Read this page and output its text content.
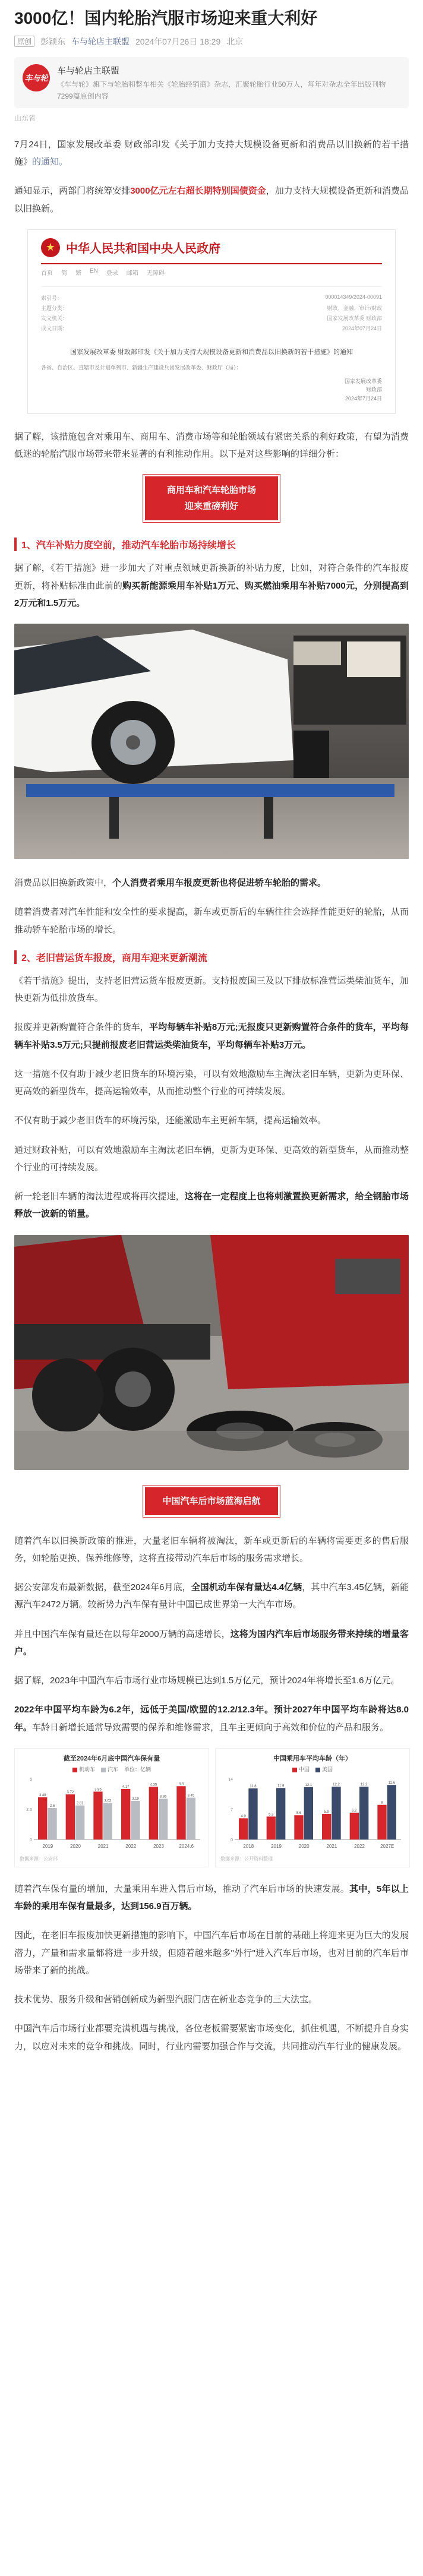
3000亿！国内轮胎汽服市场迎来重大利好
原创	彭颖东 车与轮店主联盟 2024年07月26日 18:29 北京
车与轮
车与轮店主联盟
《车与轮》旗下与轮胎和整车相关《轮胎经销商》杂志，汇聚轮胎行业50万人，每年对杂志全年出版刊物
7299篇原创内容
山东省

7月24日，国家发展改革委 财政部印发《关于加力支持大规模设备更新和消费品以旧换新的若干措施》的通知。

通知显示，两部门将统筹安排3000亿元左右超长期特别国债资金，加力支持大规模设备更新和消费品以旧换新。

★ 中华人民共和国中央人民政府
首页 简 繁 EN 登录 邮箱 无障碍
索引号：	000014349/2024-00091
主题分类：	财政、金融、审计/财政
发文机关：	国家发展改革委 财政部
成文日期：	2024年07月24日
国家发展改革委 财政部印发《关于加力支持大规模设备更新和消费品以旧换新的若干措施》的通知
各省、自治区、直辖市及计划单列市、新疆生产建设兵团发展改革委、财政厅（局）：
国家发展改革委
财政部
2024年7月24日

据了解，该措施包含对乘用车、商用车、消费市场等和轮胎领域有紧密关系的利好政策，有望为消费低迷的轮胎汽服市场带来带来显著的有利推动作用。以下是对这些影响的详细分析：

商用车和汽车轮胎市场
迎来重磅利好
1、汽车补贴力度空前，推动汽车轮胎市场持续增长

据了解，《若干措施》进一步加大了对重点领域更新换新的补贴力度，比如，对符合条件的汽车报废更新，将补贴标准由此前的购买新能源乘用车补贴1万元、购买燃油乘用车补贴7000元，分别提高到2万元和1.5万元。

消费品以旧换新政策中，个人消费者乘用车报废更新也将促进轿车轮胎的需求。

随着消费者对汽车性能和安全性的要求提高，新车或更新后的车辆往往会选择性能更好的轮胎，从而推动轿车轮胎市场的增长。

2、老旧营运货车报废，商用车迎来更新潮流

《若干措施》提出，支持老旧营运货车报废更新。支持报废国三及以下排放标准营运类柴油货车，加快更新为低排放货车。

报废并更新购置符合条件的货车，平均每辆车补贴8万元;无报废只更新购置符合条件的货车，平均每辆车补贴3.5万元;只提前报废老旧营运类柴油货车，平均每辆车补贴3万元。

这一措施不仅有助于减少老旧货车的环境污染，可以有效地激励车主淘汰老旧车辆，更新为更环保、更高效的新型货车，提高运输效率，从而推动整个行业的可持续发展。

不仅有助于减少老旧货车的环境污染，还能激励车主更新车辆，提高运输效率。

通过财政补贴，可以有效地激励车主淘汰老旧车辆，更新为更环保、更高效的新型货车，从而推动整个行业的可持续发展。

新一轮老旧车辆的淘汰进程或将再次提速，这将在一定程度上也将刺激置换更新需求，给全钢胎市场释放一波新的销量。

中国汽车后市场蓝海启航

随着汽车以旧换新政策的推进，大量老旧车辆将被淘汰，新车或更新后的车辆将需要更多的售后服务，如轮胎更换、保养维修等，这将直接带动汽车后市场的服务需求增长。

据公安部发布最新数据，截至2024年6月底，全国机动车保有量达4.4亿辆，其中汽车3.45亿辆，新能源汽车2472万辆。较新势力汽车保有量计中国已成世界第一大汽车市场。

并且中国汽车保有量还在以每年2000万辆的高速增长，这将为国内汽车后市场服务带来持续的增量客户。

据了解，2023年中国汽车后市场行业市场规模已达到1.5万亿元，预计2024年将增长至1.6万亿元。

2022年中国平均车龄为6.2年，远低于美国/欧盟的12.2/12.3年。预计2027年中国平均车龄将达8.0年。车龄日新增长通常导致需要的保养和维修需求，且车主更倾向于高效和价位的产品和服务。

截至2024年6月底中国汽车保有量
机动车	汽车 单位：亿辆
3.48
2.6
2019
3.72
2.81
2020
3.95
3.02
2021
4.17
3.19
2022
4.35
3.36
2023
4.4
3.45
2024.6
0
2.5
5
数据来源：公安部
中国乘用车平均车龄（年）
中国	美国
4.9
11.8
2018
5.3
11.9
2019
5.6
12.1
2020
5.9
12.2
2021
6.2
12.2
2022
8
12.6
2027E
0
7
14
数据来源：公开资料整理

随着汽车保有量的增加，大量乘用车进入售后市场，推动了汽车后市场的快速发展。其中，5年以上车龄的乘用车保有量最多，达到156.9百万辆。

因此，在老旧车报废加快更新措施的影响下，中国汽车后市场在目前的基础上将迎来更为巨大的发展潜力，产量和需求量都将进一步升级，但随着越来越多"外行"进入汽车后市场，也对目前的汽车后市场带来了新的挑战。

技术优势、服务升级和营销创新成为新型汽服门店在新业态竞争的三大法宝。

中国汽车后市场行业都要充满机遇与挑战，各位老板需要紧密市场变化，抓住机遇，不断提升自身实力，以应对未来的竞争和挑战。同时，行业内需要加强合作与交流，共同推动汽车行业的健康发展。
